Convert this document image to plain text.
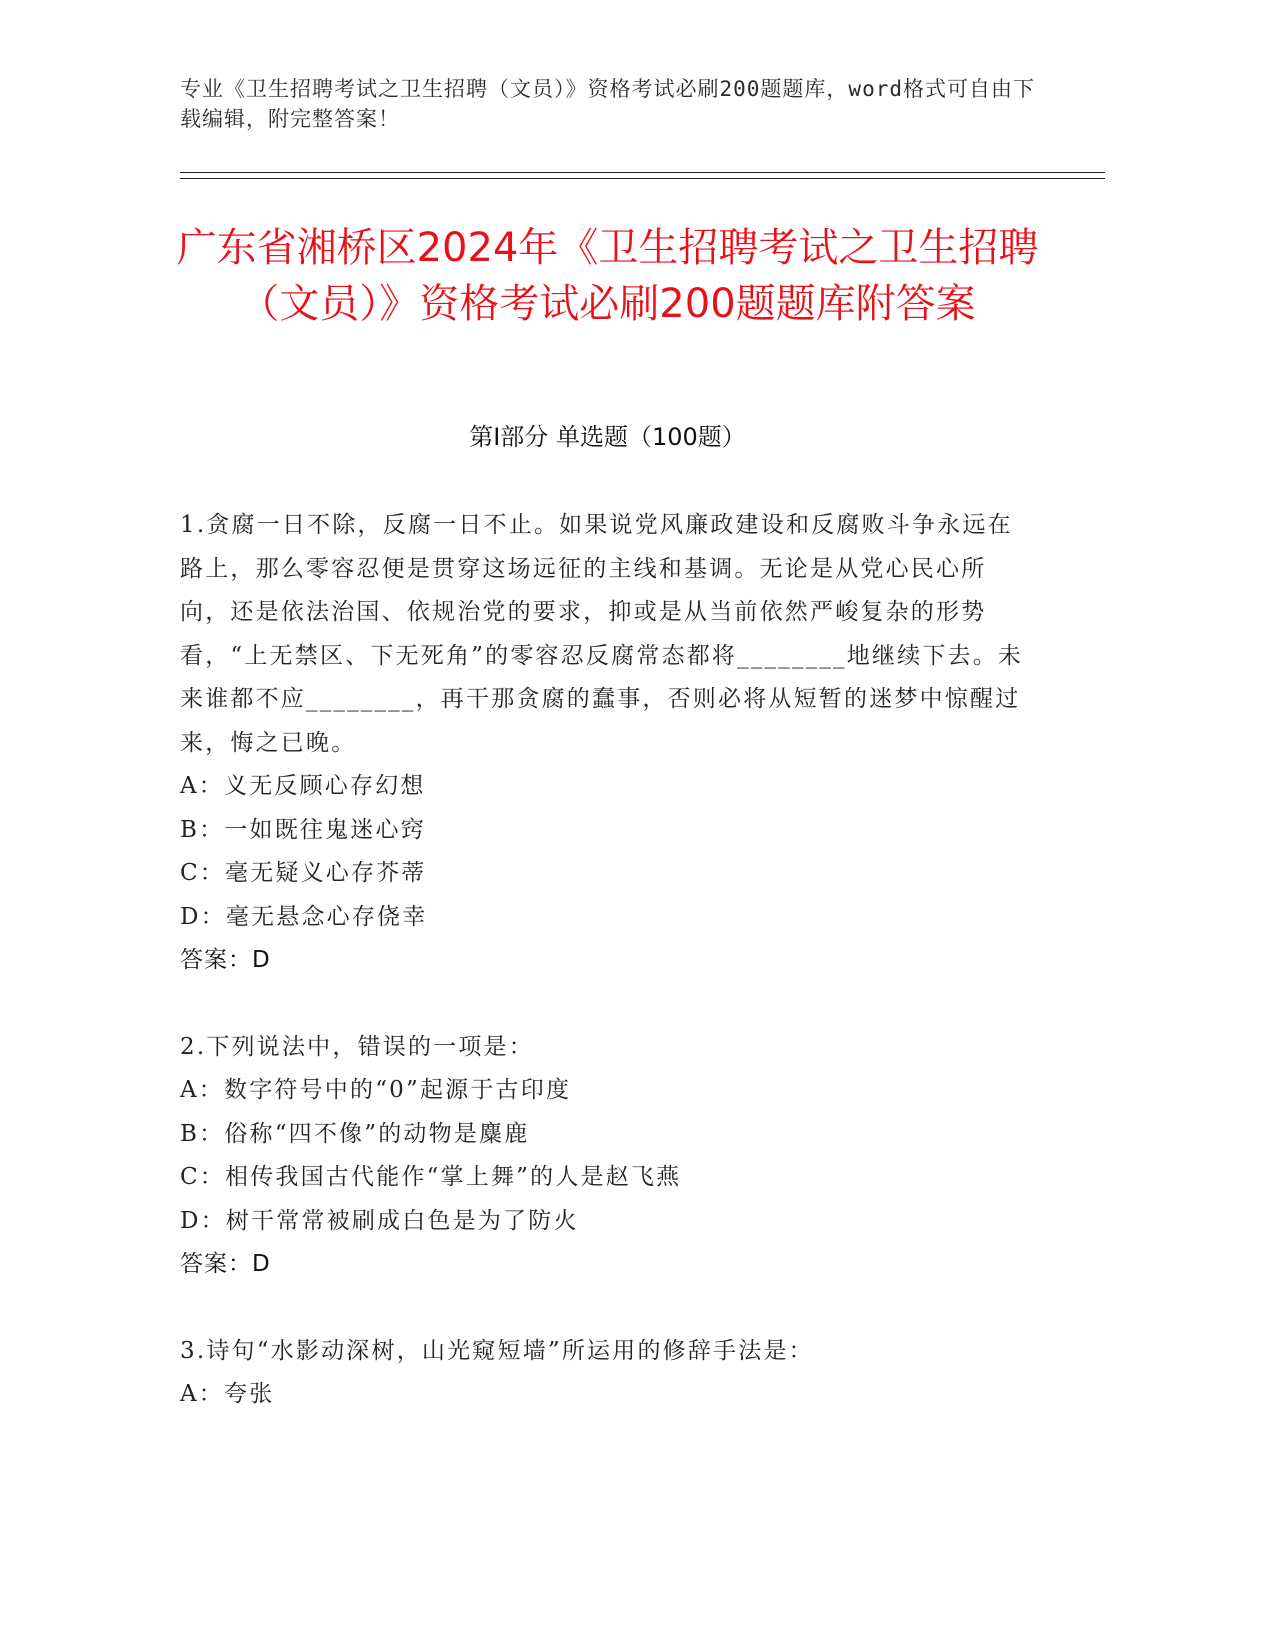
专业《卫生招聘考试之卫生招聘（文员）》资格考试必刷200题题库，word格式可自由下载编辑，附完整答案！
广东省湘桥区2024年《卫生招聘考试之卫生招聘（文员）》资格考试必刷200题题库附答案
第Ⅰ部分 单选题（100题）

1.贪腐一日不除，反腐一日不止。如果说党风廉政建设和反腐败斗争永远在路上，那么零容忍便是贯穿这场远征的主线和基调。无论是从党心民心所向，还是依法治国、依规治党的要求，抑或是从当前依然严峻复杂的形势看，“上无禁区、下无死角”的零容忍反腐常态都将________地继续下去。未来谁都不应________，再干那贪腐的蠢事，否则必将从短暂的迷梦中惊醒过来，悔之已晚。

A：义无反顾心存幻想

B：一如既往鬼迷心窍

C：毫无疑义心存芥蒂

D：毫无悬念心存侥幸

答案：D

2.下列说法中，错误的一项是：

A：数字符号中的“0”起源于古印度

B：俗称“四不像”的动物是麋鹿

C：相传我国古代能作“掌上舞”的人是赵飞燕

D：树干常常被刷成白色是为了防火

答案：D

3.诗句“水影动深树，山光窥短墙”所运用的修辞手法是：

A：夸张
